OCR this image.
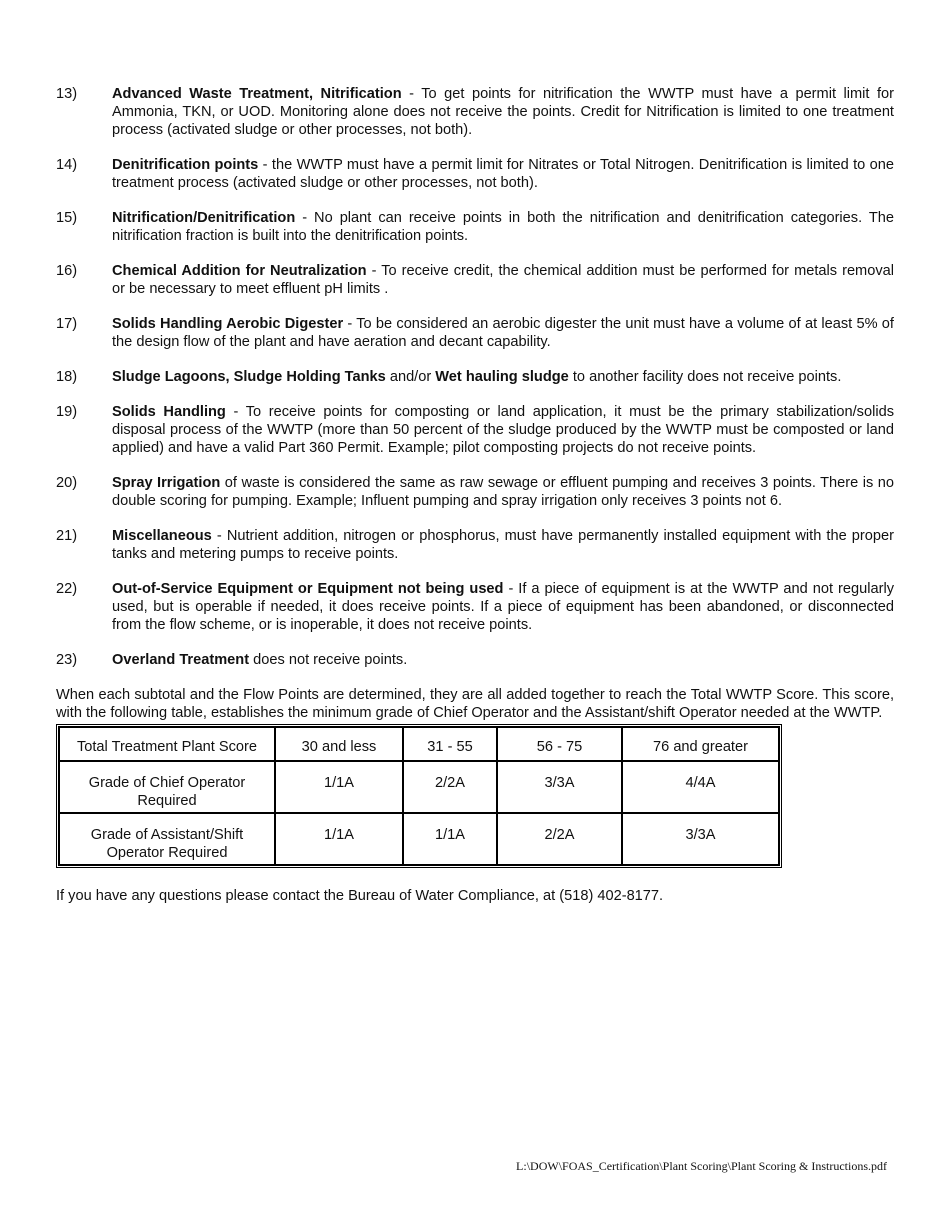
13)	Advanced Waste Treatment, Nitrification - To get points for nitrification the WWTP must have a permit limit for Ammonia, TKN, or UOD. Monitoring alone does not receive the points. Credit for Nitrification is limited to one treatment process (activated sludge or other processes, not both).
14)	Denitrification points - the WWTP must have a permit limit for Nitrates or Total Nitrogen. Denitrification is limited to one treatment process (activated sludge or other processes, not both).
15)	Nitrification/Denitrification - No plant can receive points in both the nitrification and denitrification categories. The nitrification fraction is built into the denitrification points.
16)	Chemical Addition for Neutralization - To receive credit, the chemical addition must be performed for metals removal or be necessary to meet effluent pH limits .
17)	Solids Handling Aerobic Digester - To be considered an aerobic digester the unit must have a volume of at least 5% of the design flow of the plant and have aeration and decant capability.
18)	Sludge Lagoons, Sludge Holding Tanks and/or Wet hauling sludge to another facility does not receive points.
19)	Solids Handling - To receive points for composting or land application, it must be the primary stabilization/solids disposal process of the WWTP (more than 50 percent of the sludge produced by the WWTP must be composted or land applied) and have a valid Part 360 Permit. Example; pilot composting projects do not receive points.
20)	Spray Irrigation of waste is considered the same as raw sewage or effluent pumping and receives 3 points. There is no double scoring for pumping. Example; Influent pumping and spray irrigation only receives 3 points not 6.
21)	Miscellaneous - Nutrient addition, nitrogen or phosphorus, must have permanently installed equipment with the proper tanks and metering pumps to receive points.
22)	Out-of-Service Equipment or Equipment not being used - If a piece of equipment is at the WWTP and not regularly used, but is operable if needed, it does receive points. If a piece of equipment has been abandoned, or disconnected from the flow scheme, or is inoperable, it does not receive points.
23)	Overland Treatment does not receive points.
When each subtotal and the Flow Points are determined, they are all added together to reach the Total WWTP Score. This score, with the following table, establishes the minimum grade of Chief Operator and the Assistant/shift Operator needed at the WWTP.
Total Treatment Plant Score	30 and less	31 - 55	56 - 75	76 and greater
Grade of Chief Operator Required	1/1A	2/2A	3/3A	4/4A
Grade of Assistant/Shift Operator Required	1/1A	1/1A	2/2A	3/3A
If you have any questions please contact the Bureau of Water Compliance, at (518) 402-8177.
L:\DOW\FOAS_Certification\Plant Scoring\Plant Scoring & Instructions.pdf
